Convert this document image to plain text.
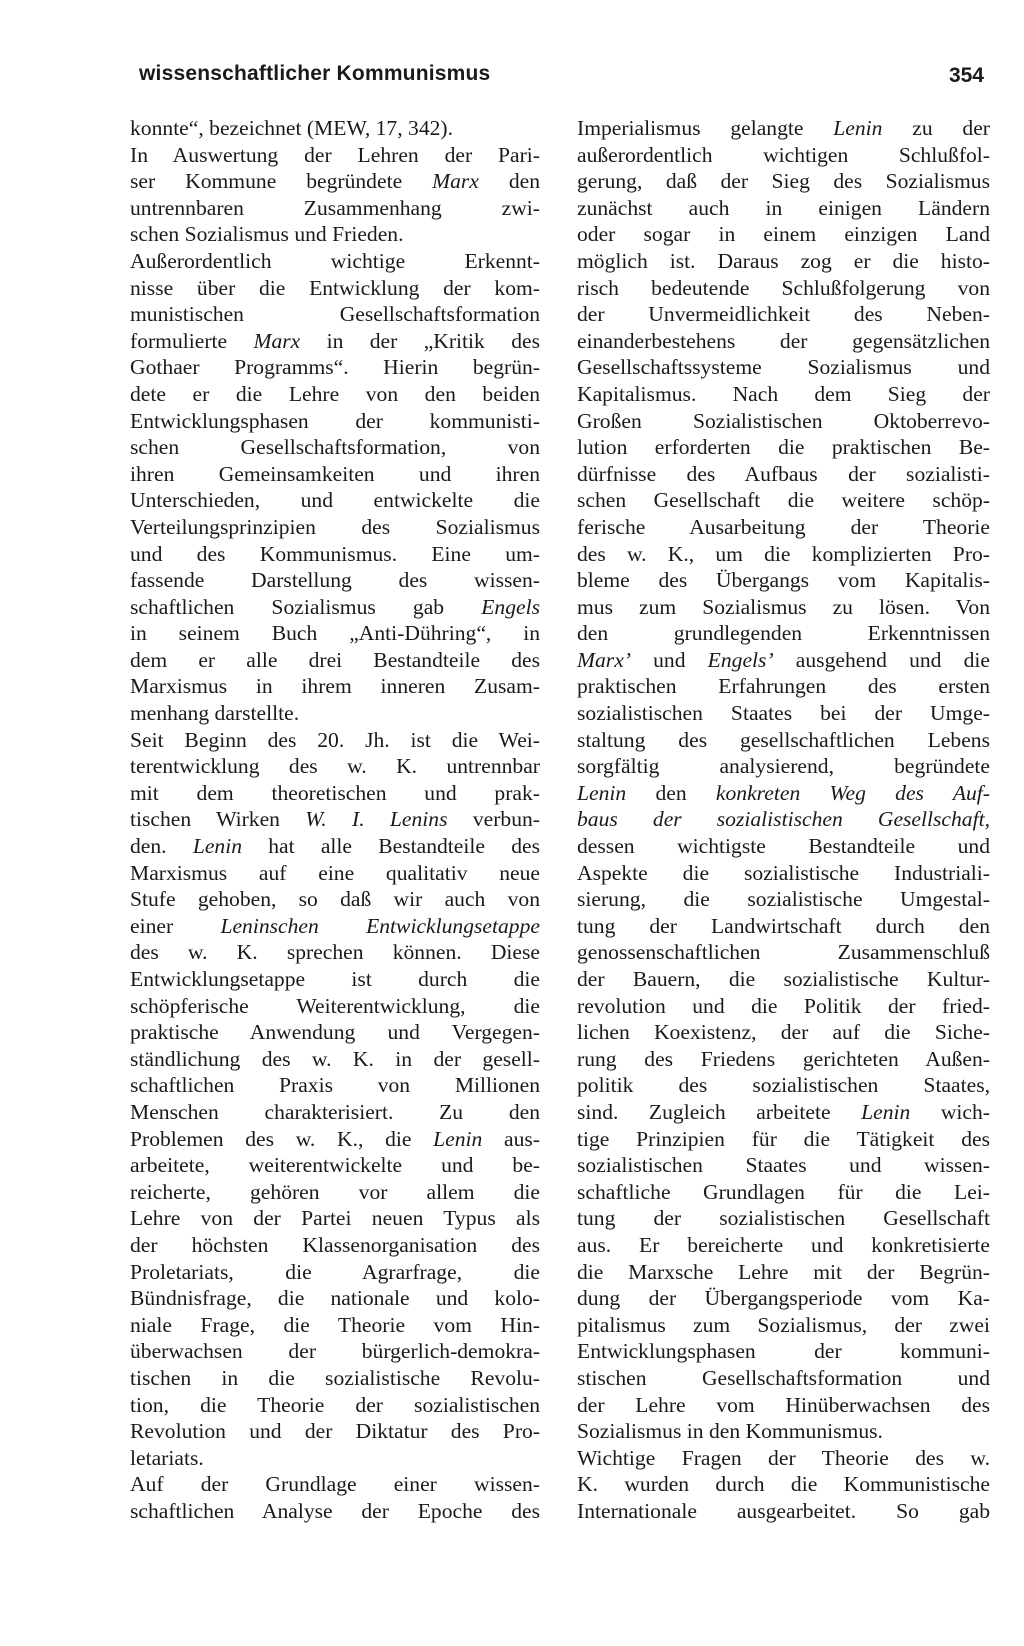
wissenschaftlicher Kommunismus	354
konnte“, bezeichnet (MEW, 17, 342).
In Auswertung der Lehren der Pari-
ser Kommune begründete Marx den
untrennbaren Zusammenhang zwi-
schen Sozialismus und Frieden.
Außerordentlich wichtige Erkennt-
nisse über die Entwicklung der kom-
munistischen Gesellschaftsformation
formulierte Marx in der „Kritik des
Gothaer Programms“. Hierin begrün-
dete er die Lehre von den beiden
Entwicklungsphasen der kommunisti-
schen Gesellschaftsformation, von
ihren Gemeinsamkeiten und ihren
Unterschieden, und entwickelte die
Verteilungsprinzipien des Sozialismus
und des Kommunismus. Eine um-
fassende Darstellung des wissen-
schaftlichen Sozialismus gab Engels
in seinem Buch „Anti-Dühring“, in
dem er alle drei Bestandteile des
Marxismus in ihrem inneren Zusam-
menhang darstellte.
Seit Beginn des 20. Jh. ist die Wei-
terentwicklung des w. K. untrennbar
mit dem theoretischen und prak-
tischen Wirken W. I. Lenins verbun-
den. Lenin hat alle Bestandteile des
Marxismus auf eine qualitativ neue
Stufe gehoben, so daß wir auch von
einer Leninschen Entwicklungsetappe
des w. K. sprechen können. Diese
Entwicklungsetappe ist durch die
schöpferische Weiterentwicklung, die
praktische Anwendung und Vergegen-
ständlichung des w. K. in der gesell-
schaftlichen Praxis von Millionen
Menschen charakterisiert. Zu den
Problemen des w. K., die Lenin aus-
arbeitete, weiterentwickelte und be-
reicherte, gehören vor allem die
Lehre von der Partei neuen Typus als
der höchsten Klassenorganisation des
Proletariats, die Agrarfrage, die
Bündnisfrage, die nationale und kolo-
niale Frage, die Theorie vom Hin-
überwachsen der bürgerlich-demokra-
tischen in die sozialistische Revolu-
tion, die Theorie der sozialistischen
Revolution und der Diktatur des Pro-
letariats.
Auf der Grundlage einer wissen-
schaftlichen Analyse der Epoche des
Imperialismus gelangte Lenin zu der
außerordentlich wichtigen Schlußfol-
gerung, daß der Sieg des Sozialismus
zunächst auch in einigen Ländern
oder sogar in einem einzigen Land
möglich ist. Daraus zog er die histo-
risch bedeutende Schlußfolgerung von
der Unvermeidlichkeit des Neben-
einanderbestehens der gegensätzlichen
Gesellschaftssysteme Sozialismus und
Kapitalismus. Nach dem Sieg der
Großen Sozialistischen Oktoberrevo-
lution erforderten die praktischen Be-
dürfnisse des Aufbaus der sozialisti-
schen Gesellschaft die weitere schöp-
ferische Ausarbeitung der Theorie
des w. K., um die komplizierten Pro-
bleme des Übergangs vom Kapitalis-
mus zum Sozialismus zu lösen. Von
den grundlegenden Erkenntnissen
Marx’ und Engels’ ausgehend und die
praktischen Erfahrungen des ersten
sozialistischen Staates bei der Umge-
staltung des gesellschaftlichen Lebens
sorgfältig analysierend, begründete
Lenin den konkreten Weg des Auf-
baus der sozialistischen Gesellschaft,
dessen wichtigste Bestandteile und
Aspekte die sozialistische Industriali-
sierung, die sozialistische Umgestal-
tung der Landwirtschaft durch den
genossenschaftlichen Zusammenschluß
der Bauern, die sozialistische Kultur-
revolution und die Politik der fried-
lichen Koexistenz, der auf die Siche-
rung des Friedens gerichteten Außen-
politik des sozialistischen Staates,
sind. Zugleich arbeitete Lenin wich-
tige Prinzipien für die Tätigkeit des
sozialistischen Staates und wissen-
schaftliche Grundlagen für die Lei-
tung der sozialistischen Gesellschaft
aus. Er bereicherte und konkretisierte
die Marxsche Lehre mit der Begrün-
dung der Übergangsperiode vom Ka-
pitalismus zum Sozialismus, der zwei
Entwicklungsphasen der kommuni-
stischen Gesellschaftsformation und
der Lehre vom Hinüberwachsen des
Sozialismus in den Kommunismus.
Wichtige Fragen der Theorie des w.
K. wurden durch die Kommunistische
Internationale ausgearbeitet. So gab
